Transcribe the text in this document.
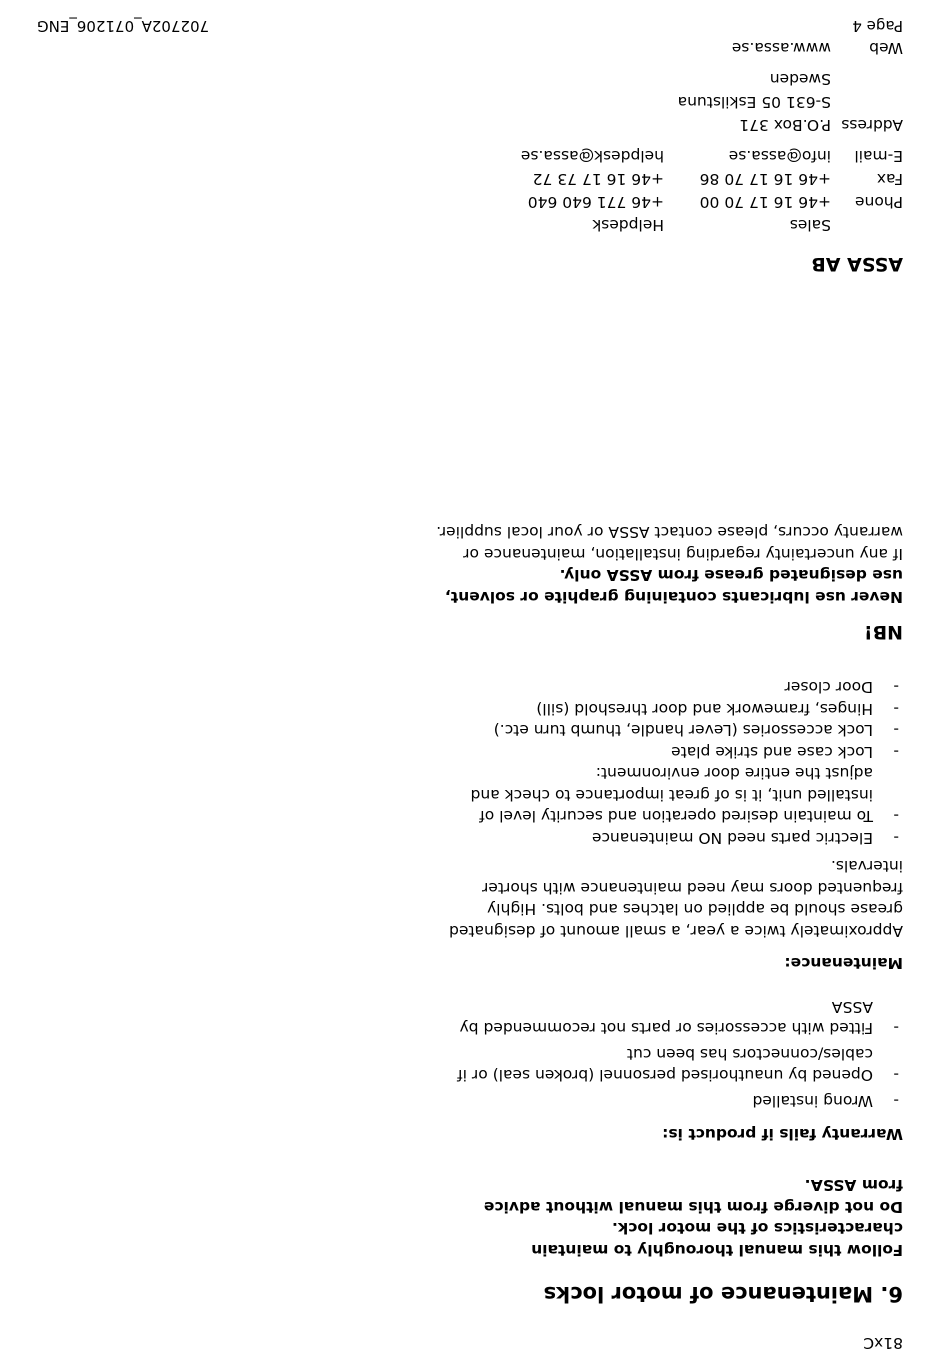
81xC
6. Maintenance of motor locks
Follow this manual thoroughly to maintain
characteristics of the motor lock.
Do not diverge from this manual without advice
from ASSA.
Warranty fails if product is:
- Wrong installed
- Opened by unauthorised personnel (broken seal) or if cables/connectors has been cut
- Fitted with accessories or parts not recommended by ASSA
Maintenance:
Approximately twice a year, a small amount of designated grease should be applied on latches and bolts. Highly frequented doors may need maintenance with shorter intervals.
- Electric parts need NO maintenance
- To maintain desired operation and security level of installed unit, it is of great importance to check and adjust the entire door environment:
- Lock case and strike plate
- Lock accessories (Lever handle, thumb turn etc.)
- Hinges, framework and door threshold (sill)
- Door closer
NB!
Never use lubricants containing graphite or solvent, use designated grease from ASSA only.
If any uncertainty regarding installation, maintenance or warranty occurs, please contact ASSA or your local supplier.
ASSA AB
Sales
Helpdesk
Phone
+46 16 17 70 00
+46 771 640 640
Fax
+46 16 17 70 86
+46 16 17 73 72
E-mail
info@assa.se
helpdesk@assa.se
Address
P.O.Box 371
S-631 05 Eskilstuna
Sweden
Web
www.assa.se
Page 4
702702A_071206_ENG
